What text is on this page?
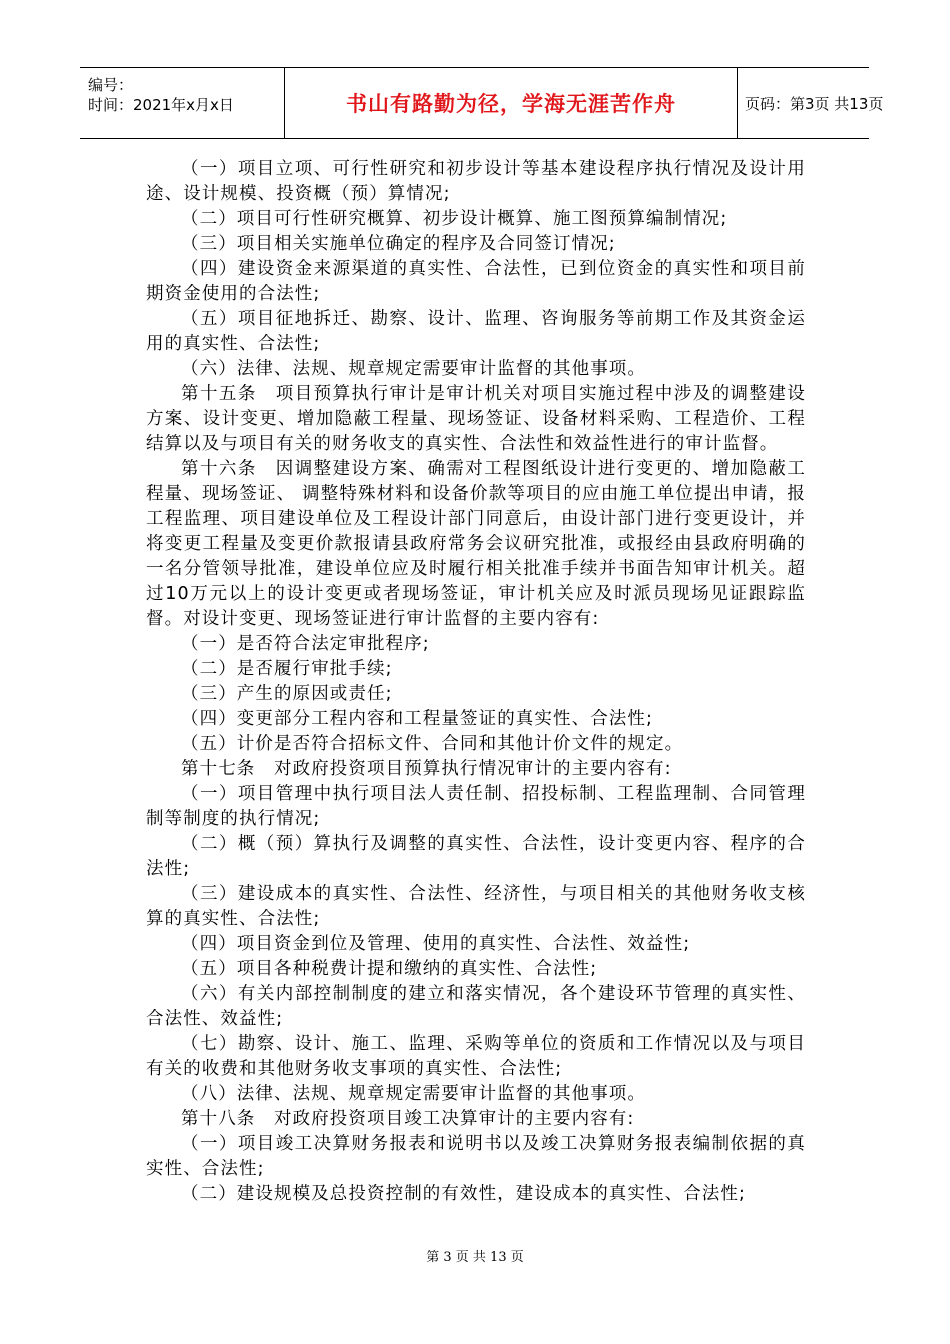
编号：
时间：2021年x月x日	书山有路勤为径，学海无涯苦作舟	页码：第3页 共13页

（一）项目立项、可行性研究和初步设计等基本建设程序执行情况及设计用途、设计规模、投资概（预）算情况;

（二）项目可行性研究概算、初步设计概算、施工图预算编制情况;

（三）项目相关实施单位确定的程序及合同签订情况;

（四）建设资金来源渠道的真实性、合法性，已到位资金的真实性和项目前期资金使用的合法性;

（五）项目征地拆迁、勘察、设计、监理、咨询服务等前期工作及其资金运用的真实性、合法性;

（六）法律、法规、规章规定需要审计监督的其他事项。

第十五条　项目预算执行审计是审计机关对项目实施过程中涉及的调整建设方案、设计变更、增加隐蔽工程量、现场签证、设备材料采购、工程造价、工程结算以及与项目有关的财务收支的真实性、合法性和效益性进行的审计监督。

第十六条　因调整建设方案、确需对工程图纸设计进行变更的、增加隐蔽工程量、现场签证、 调整特殊材料和设备价款等项目的应由施工单位提出申请，报工程监理、项目建设单位及工程设计部门同意后，由设计部门进行变更设计，并将变更工程量及变更价款报请县政府常务会议研究批准，或报经由县政府明确的一名分管领导批准，建设单位应及时履行相关批准手续并书面告知审计机关。超过10万元以上的设计变更或者现场签证，审计机关应及时派员现场见证跟踪监督。对设计变更、现场签证进行审计监督的主要内容有:

（一）是否符合法定审批程序;

（二）是否履行审批手续;

（三）产生的原因或责任;

（四）变更部分工程内容和工程量签证的真实性、合法性;

（五）计价是否符合招标文件、合同和其他计价文件的规定。

第十七条　对政府投资项目预算执行情况审计的主要内容有:

（一）项目管理中执行项目法人责任制、招投标制、工程监理制、合同管理制等制度的执行情况;

（二）概（预）算执行及调整的真实性、合法性，设计变更内容、程序的合法性;

（三）建设成本的真实性、合法性、经济性，与项目相关的其他财务收支核算的真实性、合法性;

（四）项目资金到位及管理、使用的真实性、合法性、效益性;

（五）项目各种税费计提和缴纳的真实性、合法性;

（六）有关内部控制制度的建立和落实情况，各个建设环节管理的真实性、合法性、效益性;

（七）勘察、设计、施工、监理、采购等单位的资质和工作情况以及与项目有关的收费和其他财务收支事项的真实性、合法性;

（八）法律、法规、规章规定需要审计监督的其他事项。

第十八条　对政府投资项目竣工决算审计的主要内容有:

（一）项目竣工决算财务报表和说明书以及竣工决算财务报表编制依据的真实性、合法性;

（二）建设规模及总投资控制的有效性，建设成本的真实性、合法性;

第 3 页 共 13 页
